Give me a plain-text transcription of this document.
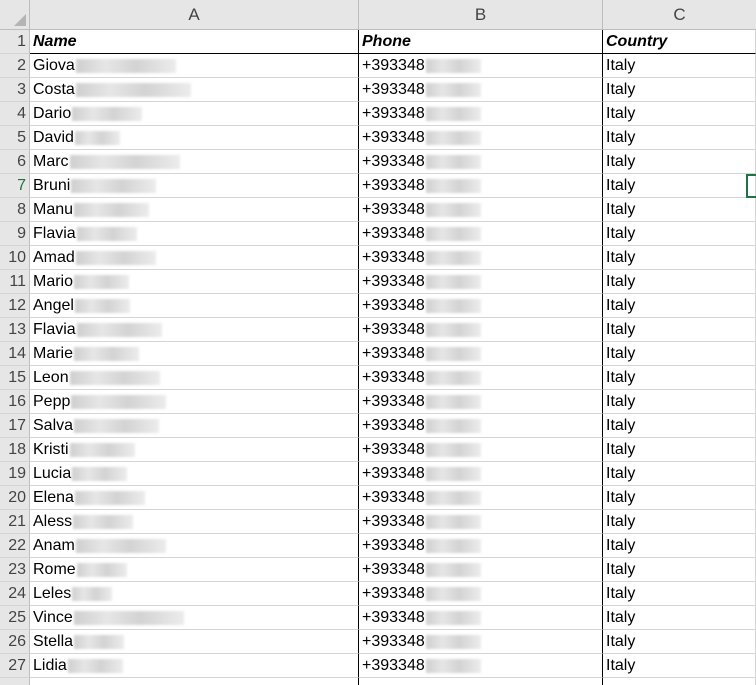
A	B	C
1 Name	Phone	Country
2 Giova	+393348	Italy
3 Costa	+393348	Italy
4 Dario	+393348	Italy
5 David	+393348	Italy
6 Marc	+393348	Italy
7 Bruni	+393348	Italy
8 Manu	+393348	Italy
9 Flavia	+393348	Italy
10 Amad	+393348	Italy
11 Mario	+393348	Italy
12 Angel	+393348	Italy
13 Flavia	+393348	Italy
14 Marie	+393348	Italy
15 Leon	+393348	Italy
16 Pepp	+393348	Italy
17 Salva	+393348	Italy
18 Kristi	+393348	Italy
19 Lucia	+393348	Italy
20 Elena	+393348	Italy
21 Aless	+393348	Italy
22 Anam	+393348	Italy
23 Rome	+393348	Italy
24 Leles	+393348	Italy
25 Vince	+393348	Italy
26 Stella	+393348	Italy
27 Lidia	+393348	Italy
